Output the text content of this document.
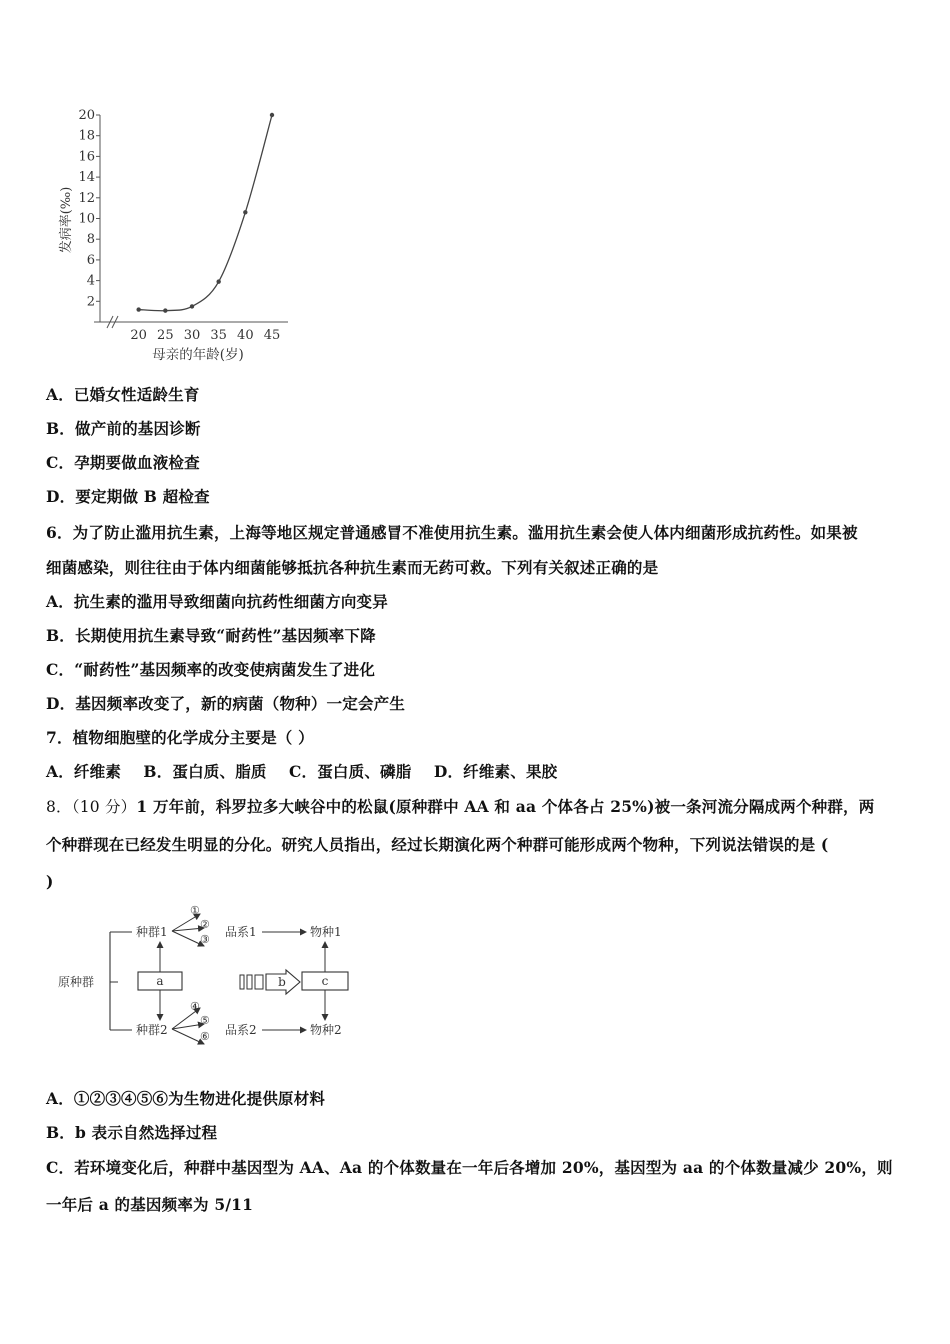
2
4
6
8
10
12
14
16
18
20
20 25 30 35 40 45
发病率(‰)
母亲的年龄(岁)
A．已婚女性适龄生育
B．做产前的基因诊断
C．孕期要做血液检查
D．要定期做 B 超检查
6．为了防止滥用抗生素，上海等地区规定普通感冒不准使用抗生素。滥用抗生素会使人体内细菌形成抗药性。如果被
细菌感染，则往往由于体内细菌能够抵抗各种抗生素而无药可救。下列有关叙述正确的是
A．抗生素的滥用导致细菌向抗药性细菌方向变异
B．长期使用抗生素导致“耐药性”基因频率下降
C．“耐药性”基因频率的改变使病菌发生了进化
D．基因频率改变了，新的病菌（物种）一定会产生
7．植物细胞壁的化学成分主要是（ ）
A．纤维素    B．蛋白质、脂质    C．蛋白质、磷脂    D．纤维素、果胶
8．（10 分）1 万年前，科罗拉多大峡谷中的松鼠(原种群中 AA 和 aa 个体各占 25%)被一条河流分隔成两个种群，两
个种群现在已经发生明显的分化。研究人员指出，经过长期演化两个种群可能形成两个物种，下列说法错误的是 (
)
原种群
种群1
种群2
a
①
②
③
品系1	物种1
④
⑤
⑥ 品系2	物种2
b	c
A．①②③④⑤⑥为生物进化提供原材料
B．b 表示自然选择过程
C．若环境变化后，种群中基因型为 AA、Aa 的个体数量在一年后各增加 20%，基因型为 aa 的个体数量减少 20%，则
一年后 a 的基因频率为 5/11
